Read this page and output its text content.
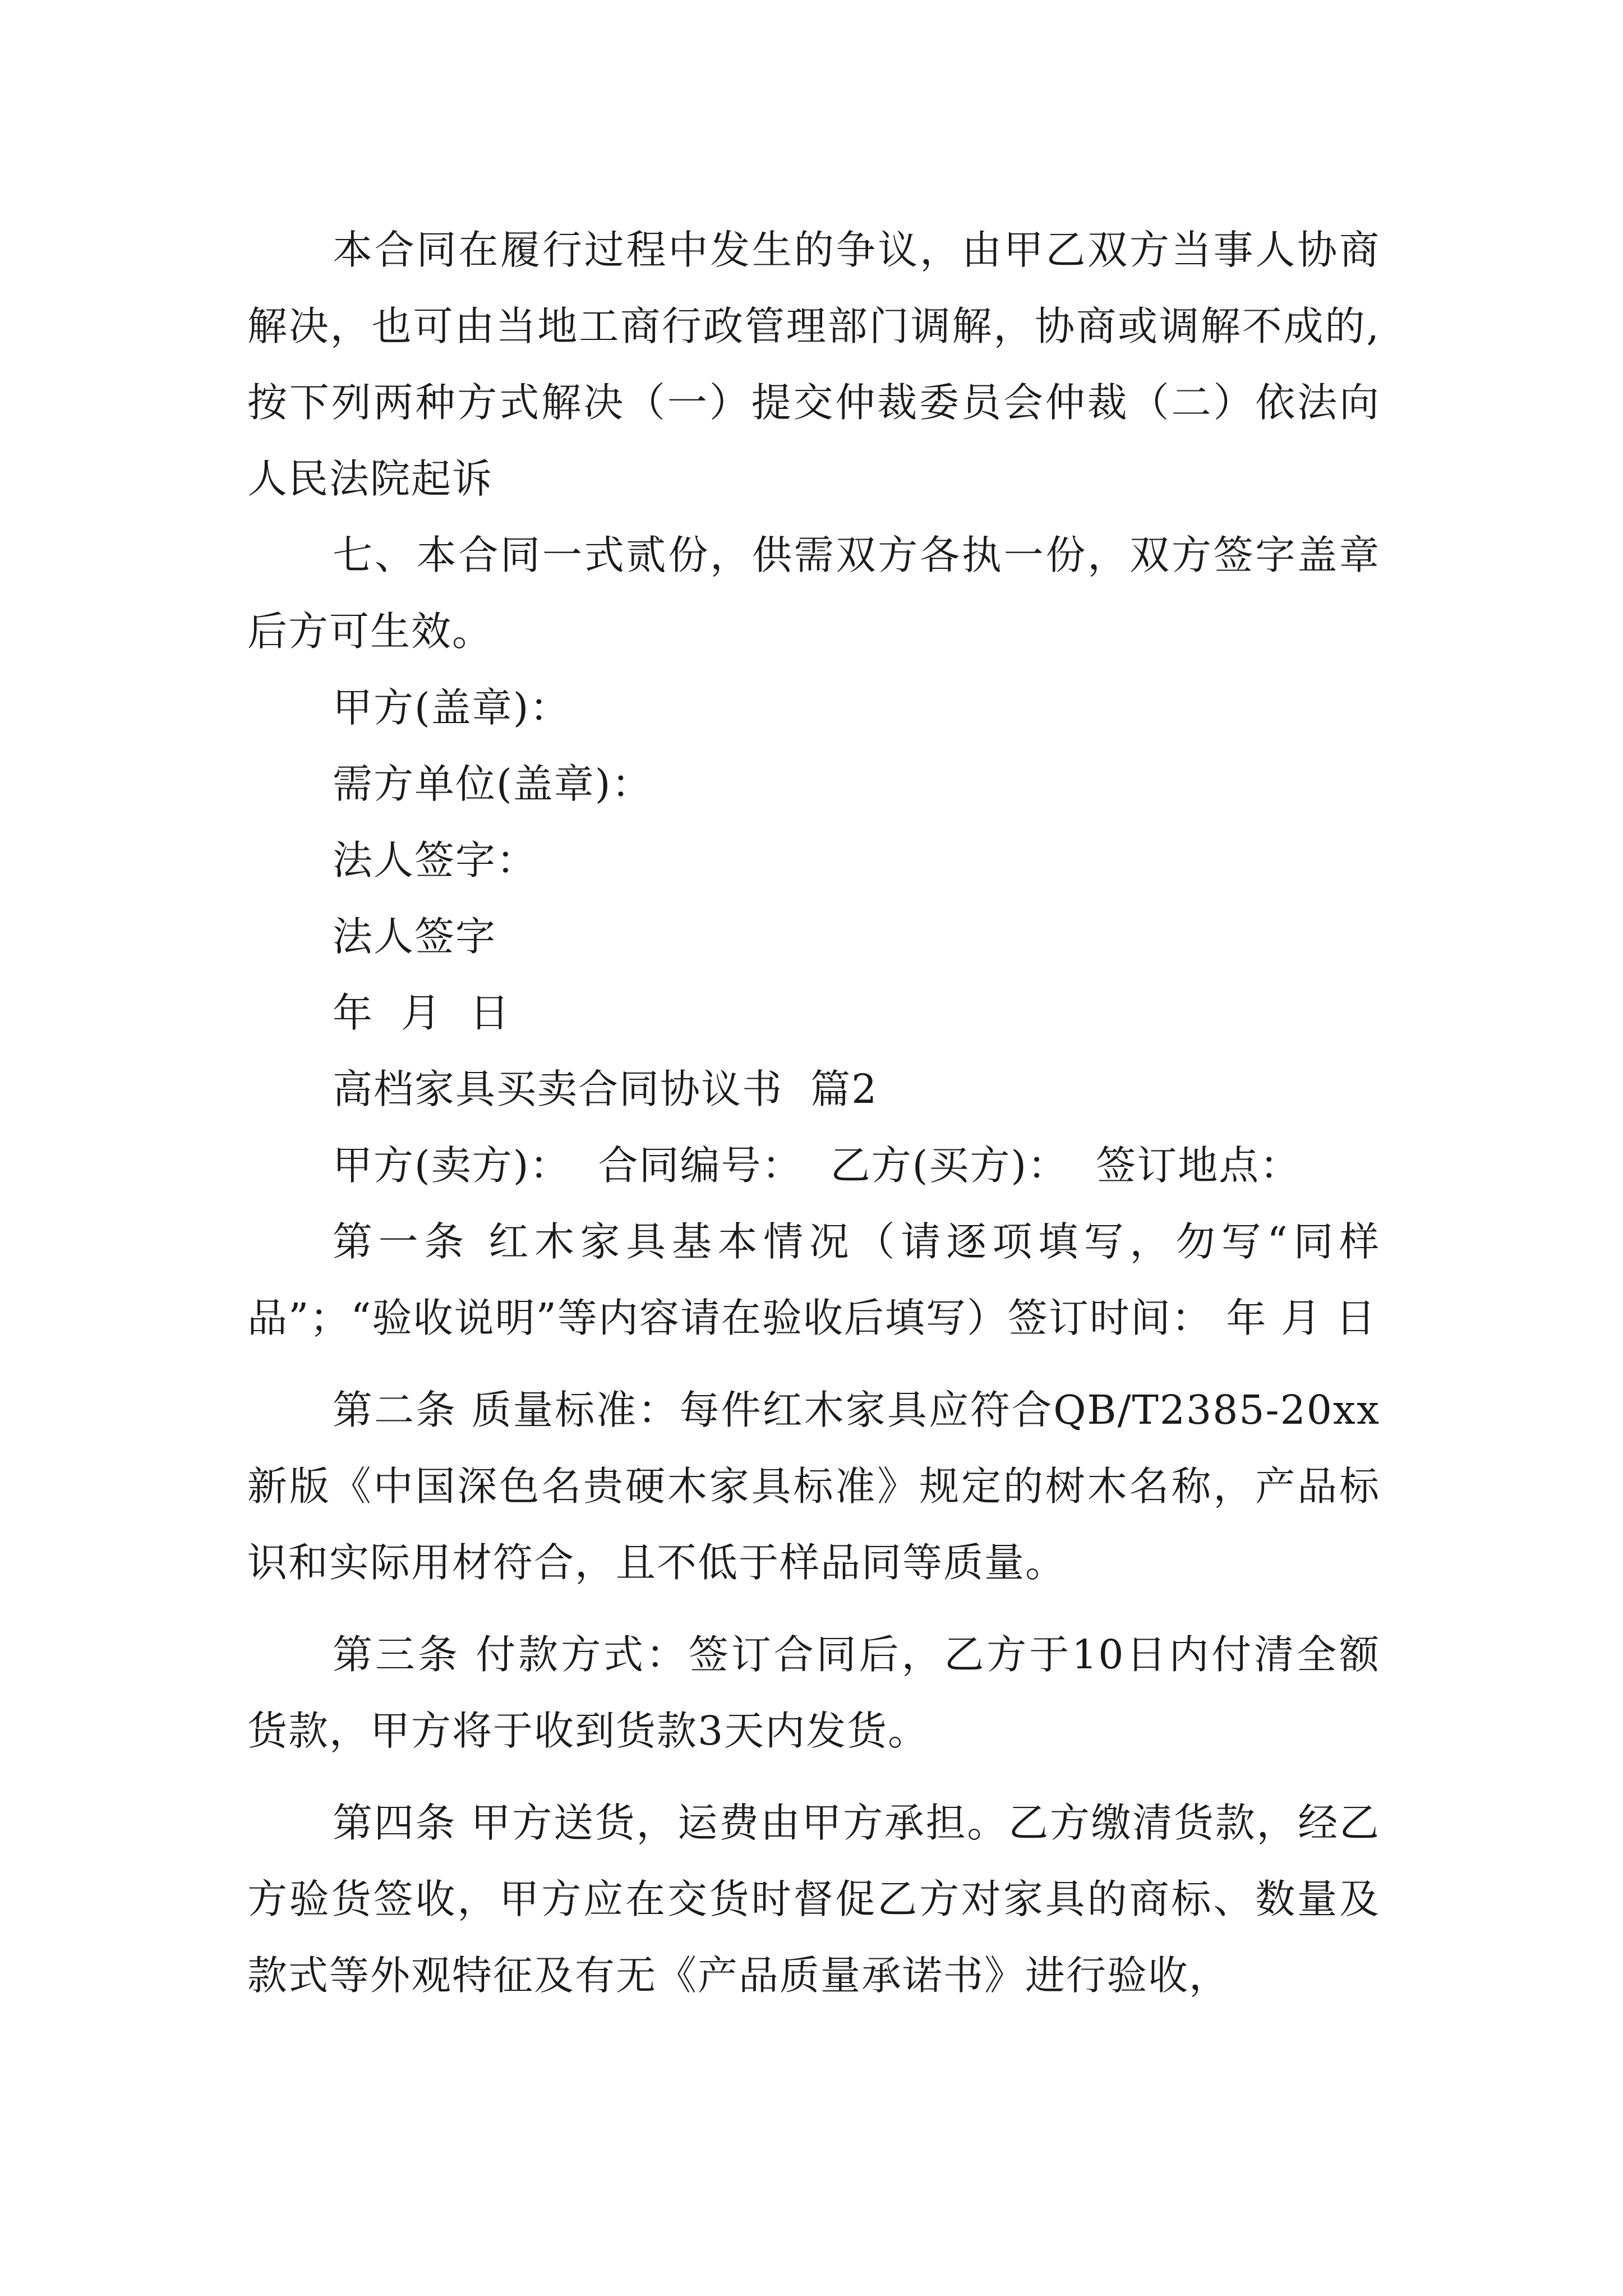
本合同在履行过程中发生的争议，由甲乙双方当事人协商解决，也可由当地工商行政管理部门调解，协商或调解不成的,按下列两种方式解决（一）提交仲裁委员会仲裁（二）依法向人民法院起诉

七、本合同一式贰份，供需双方各执一份，双方签字盖章后方可生效。

甲方(盖章)：

需方单位(盖章)：

法人签字：

法人签字

年  月  日

高档家具买卖合同协议书  篇2

甲方(卖方)：  合同编号：  乙方(买方)：  签订地点：

第一条 红木家具基本情况（请逐项填写，勿写“同样品”；“验收说明”等内容请在验收后填写）签订时间： 年 月 日

第二条 质量标准：每件红木家具应符合QB/T2385-20xx新版《中国深色名贵硬木家具标准》规定的树木名称，产品标识和实际用材符合，且不低于样品同等质量。

第三条 付款方式：签订合同后，乙方于10日内付清全额货款，甲方将于收到货款3天内发货。

第四条 甲方送货，运费由甲方承担。乙方缴清货款，经乙方验货签收，甲方应在交货时督促乙方对家具的商标、数量及款式等外观特征及有无《产品质量承诺书》进行验收，
